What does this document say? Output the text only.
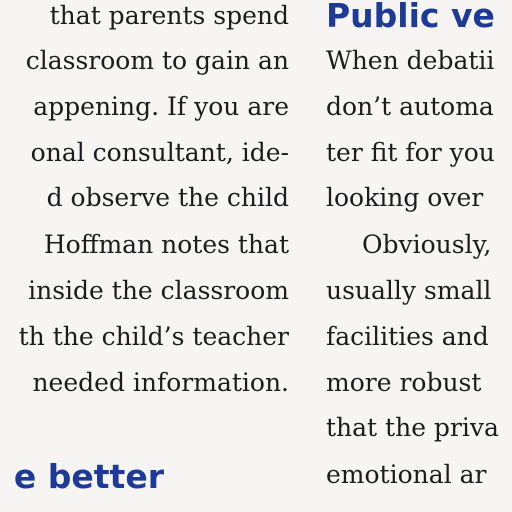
that parents spend
classroom to gain an
appening. If you are
onal consultant, ide-
d observe the child
Hoffman notes that
inside the classroom
th the child’s teacher
needed information.
e better
Public ve
When debatii
don’t automa
ter fit for you
looking over
Obviously,
usually small
facilities and
more robust
that the priva
emotional ar
